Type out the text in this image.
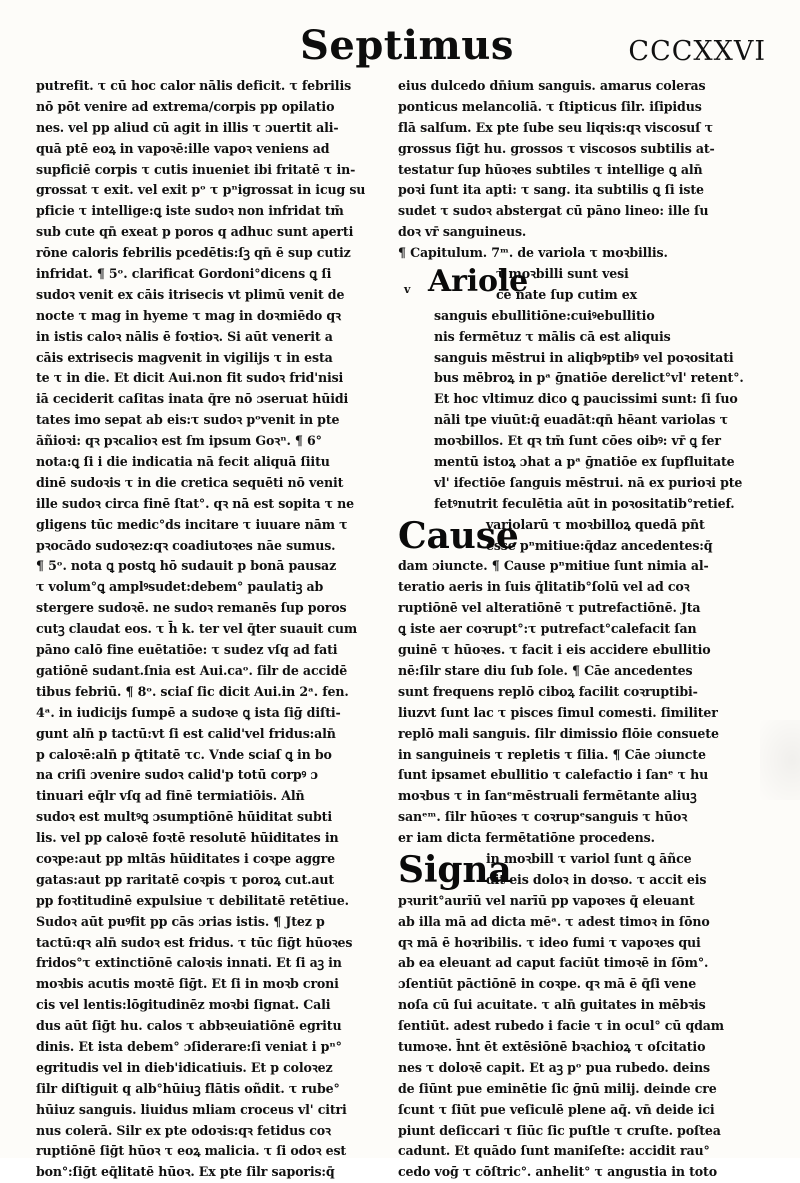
Septimus	CCCXXVI
putrefit. τ cū hoc calor nālis deficit. τ febrilis
nō pōt venire ad extrema/corpis pp opilatio
nes. vel pp aliud cū agit in illis τ ɔuertit ali-
quā ptē eoꝝ in vapoꝛē:ille vapoꝛ veniens ad
supficiē corpis τ cutis inueniet ibi fritatē τ in-
grossat τ exit. vel exit pᵒ τ pⁿigrossat in icug su
pficie τ intellige:ꝗ iste sudoꝛ non infridat tm̄
sub cute qn̄ exeat p poros q adhuc sunt aperti
rōne caloris febrilis pcedētis:ſꝫ qn̄ ē sup cutiz
infridat. ¶ 5ᵒ. clarificat Gordoni°dicens ꝗ ſi
sudoꝛ venit ex cāis itrisecis vt plimū venit de
nocte τ mag in hyeme τ mag in doꝛmiēdo qꝛ
in istis caloꝛ nālis ē foꝛtioꝛ. Si aūt venerit a
cāis extrisecis magvenit in vigilijs τ in esta
te τ in die. Et dicit Aui.non fit sudoꝛ frid'nisi
iā ceciderit caſitas inata q̄re nō ɔseruat hūidi
tates imo sepat ab eis:τ sudoꝛ pᵒvenit in pte
āñioꝛi: qꝛ pꝛcalioꝛ est ſm ipsum Goꝛⁿ. ¶ 6°
nota:ꝗ ſi i die indicatia nā fecit aliquā ſiitu
dinē sudoꝛis τ in die cretica sequēti nō venit
ille sudoꝛ circa finē ſtat°. qꝛ nā est sopita τ ne
gligens tūc medic°ds incitare τ iuuare nām τ
pꝛocādo sudoꝛez:qꝛ coadiutoꝛes nāe sumus.
¶ 5ᵒ. nota ꝗ postꝗ hō sudauit p bonā pausaz
τ volum°ꝗ amplꝰsudet:debem° paulatiꝫ ab
stergere sudoꝛē. ne sudoꝛ remanēs ſup poros
cutꝫ claudat eos. τ h̄ k. ter vel q̄ter suauit cum
pāno calō fine euētatiōe: τ sudez vſq ad fati
gatiōnē sudant.ſnia est Aui.caᵒ. ſilr de accidē
tibus febriū. ¶ 8ᵒ. sciaſ ſic dicit Aui.in 2ᵃ. fen.
4ᵃ. in iudicijs ſumpē a sudoꝛe ꝗ ista ſiḡ diſti-
gunt aln̄ p tactū:vt ſi est calid'vel fridus:aln̄
p caloꝛē:aln̄ p q̄titatē τc. Vnde sciaſ ꝗ in bo
na criſi ɔvenire sudoꝛ calid'p totū corpꝰ ɔ
tinuari eq̄lr vſq ad finē termiatiōis. Aln̄
sudoꝛ est multꝰꝗ ɔsumptiōnē hūiditat subti
lis. vel pp caloꝛē foꝛtē resolutē hūiditates in
coꝛpe:aut pp mltās hūiditates i coꝛpe aggre
gatas:aut pp raritatē coꝛpis τ poroꝝ cut.aut
pp foꝛtitudinē expulsiue τ debilitatē retētiue.
Sudoꝛ aūt puꝰfit pp cās ɔrias istis. ¶ Jtez p
tactū:qꝛ aln̄ sudoꝛ est fridus. τ tūc ſiḡt hūoꝛes
fridos°τ extinctiōnē caloꝛis innati. Et ſi aꝫ in
moꝛbis acutis moꝛtē ſiḡt. Et ſi in moꝛb croni
cis vel lentis:lōgitudinēz moꝛbi ſignat. Cali
dus aūt ſiḡt hu. calos τ abbꝛeuiatiōnē egritu
dinis. Et ista debem° ɔſiderare:ſi veniat i pⁿ°
egritudis vel in dieb'idicatiuis. Et p coloꝛez
ſilr diſtiguit q alb°hūiuꝫ flātis oñdit. τ rube°
hūiuz sanguis. liuidus mliam croceus vl' citri
nus colerā. Silr ex pte odoꝛis:qꝛ fetidus coꝛ
ruptiōnē ſiḡt hūoꝛ τ eoꝝ malicia. τ ſi odoꝛ est
bon°:ſiḡt eq̄litatē hūoꝛ. Ex pte ſilr saporis:q̄
eius dulcedo dn̄ium sanguis. amarus coleras
ponticus melancoliā. τ ſtipticus ſilr. iſipidus
flā salſum. Ex pte ſube seu liqꝛis:qꝛ viscosuſ τ
grossus ſiḡt hu. grossos τ viscosos subtilis at-
testatur ſup hūoꝛes subtiles τ intellige ꝗ aln̄
poꝛi ſunt ita apti: τ sang. ita subtilis ꝗ ſi iste
sudet τ sudoꝛ abstergat cū pāno lineo: ille ſu
doꝛ vr̄ sanguineus.
¶ Capitulum. 7ᵐ. de variola τ moꝛbillis.
Ariole
v
τ moꝛbilli sunt vesi
ce nate ſup cutim ex
sanguis ebullitiōne:cuiꝰebullitio
nis fermētuz τ mālis cā est aliquis
sanguis mēstrui in aliqbꝰptibꝰ vel poꝛositati
bus mēbroꝝ in pᵃ ḡnatiōe derelict°vl' retent°.
Et hoc vltimuz dico ꝗ paucissimi sunt: ſi ſuo
nāli tpe viuūt:q̄ euadāt:qn̄ hēant variolas τ
moꝛbillos. Et qꝛ tm̄ ſunt cōes oibꝰ: vr̄ ꝗ fer
mentū istoꝝ ɔhat a pᵃ ḡnatiōe ex ſupfluitate
vl' ifectiōe ſanguis mēstrui. nā ex purioꝛi pte
fetꝰnutrit feculētia aūt in poꝛositatib°retief.
Cause
variolarū τ moꝛbilloꝝ quedā pn̄t
esse pⁿmitiue:q̄daz ancedentes:q̄
dam ɔiuncte. ¶ Cause pⁿmitiue ſunt nimia al-
teratio aeris in ſuis q̄litatib°ſolū vel ad coꝛ
ruptiōnē vel alteratiōnē τ putrefactiōnē. Jta
ꝗ iste aer coꝛrupt°:τ putrefact°calefacit ſan
guinē τ hūoꝛes. τ facit i eis accidere ebullitio
nē:ſilr stare diu ſub ſole. ¶ Cāe ancedentes
sunt frequens replō ciboꝝ facilit coꝛruptibi-
liuzvt ſunt lac τ pisces ſimul comesti. ſimiliter
replō mali sanguis. ſilr dimissio flōie consuete
in sanguineis τ repletis τ ſilia. ¶ Cāe ɔiuncte
ſunt ipsamet ebullitio τ calefactio i ſanᵉ τ hu
moꝛbus τ in ſanᵉmēstruali fermētante aliuꝫ
sanᵉᵐ. ſilr hūoꝛes τ coꝛrupᵉsanguis τ hūoꝛ
er iam dicta fermētatiōne procedens.
Signa
in moꝛbill τ variol ſunt ꝗ āñce
dit eis doloꝛ in doꝛso. τ accit eis
pꝛurit°aurīū vel narīū pp vapoꝛes q̄ eleuant
ab illa mā ad dicta mēᵃ. τ adest timoꝛ in ſōno
qꝛ mā ē hoꝛribilis. τ ideo fumi τ vapoꝛes qui
ab ea eleuant ad caput faciūt timoꝛē in ſōm°.
ɔſentiūt pāctiōnē in coꝛpe. qꝛ mā ē q̄ſi vene
noſa cū ſui acuitate. τ aln̄ guitates in mēbꝛis
ſentiūt. adest rubedo i facie τ in ocul° cū qdam
tumoꝛe. h̄nt ēt extēsiōnē bꝛachioꝝ τ oſcitatio
nes τ doloꝛē capit. Et aꝫ pᵒ pua rubedo. deins
de ſiūnt pue eminētie ſic ḡnū milij. deinde cre
ſcunt τ ſiūt pue veſiculē plene aq̄. vn̄ deide ici
piunt deſiccari τ ſiūc ſic puſtle τ cruſte. poſtea
cadunt. Et quādo ſunt maniſeſte: accidit rau°
cedo voḡ τ cōſtric°. anhelit° τ angustia in toto
